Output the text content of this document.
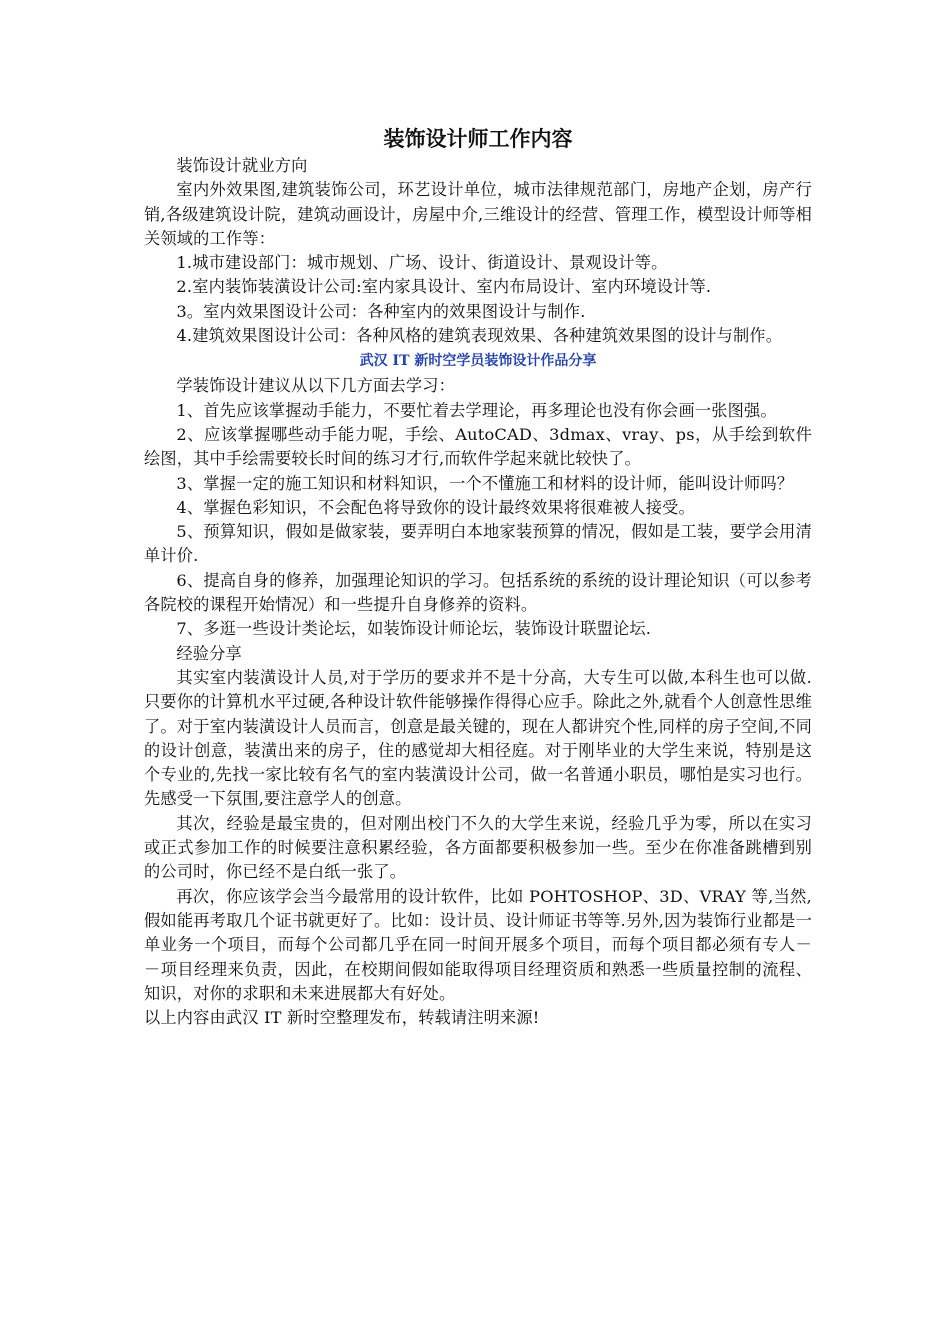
装饰设计师工作内容

装饰设计就业方向

室内外效果图,建筑装饰公司，环艺设计单位，城市法律规范部门，房地产企划，房产行销,各级建筑设计院，建筑动画设计，房屋中介,三维设计的经营、管理工作，模型设计师等相关领域的工作等：

1.城市建设部门：城市规划、广场、设计、街道设计、景观设计等。

2.室内装饰装潢设计公司:室内家具设计、室内布局设计、室内环境设计等.

3。室内效果图设计公司：各种室内的效果图设计与制作.

4.建筑效果图设计公司：各种风格的建筑表现效果、各种建筑效果图的设计与制作。

武汉 IT 新时空学员装饰设计作品分享

学装饰设计建议从以下几方面去学习：

1、首先应该掌握动手能力，不要忙着去学理论，再多理论也没有你会画一张图强。

2、应该掌握哪些动手能力呢，手绘、AutoCAD、3dmax、vray、ps，从手绘到软件绘图，其中手绘需要较长时间的练习才行,而软件学起来就比较快了。

3、掌握一定的施工知识和材料知识，一个不懂施工和材料的设计师，能叫设计师吗？

4、掌握色彩知识，不会配色将导致你的设计最终效果将很难被人接受。

5、预算知识，假如是做家装，要弄明白本地家装预算的情况，假如是工装，要学会用清单计价.

6、提高自身的修养，加强理论知识的学习。包括系统的系统的设计理论知识（可以参考各院校的课程开始情况）和一些提升自身修养的资料。

7、多逛一些设计类论坛，如装饰设计师论坛，装饰设计联盟论坛.

经验分享

其实室内装潢设计人员,对于学历的要求并不是十分高，大专生可以做,本科生也可以做.只要你的计算机水平过硬,各种设计软件能够操作得得心应手。除此之外,就看个人创意性思维了。对于室内装潢设计人员而言，创意是最关键的，现在人都讲究个性,同样的房子空间,不同的设计创意，装潢出来的房子，住的感觉却大相径庭。对于刚毕业的大学生来说，特别是这个专业的,先找一家比较有名气的室内装潢设计公司，做一名普通小职员，哪怕是实习也行。先感受一下氛围,要注意学人的创意。

其次，经验是最宝贵的，但对刚出校门不久的大学生来说，经验几乎为零，所以在实习或正式参加工作的时候要注意积累经验，各方面都要积极参加一些。至少在你准备跳槽到别的公司时，你已经不是白纸一张了。

再次，你应该学会当今最常用的设计软件，比如 POHTOSHOP、3D、VRAY 等,当然,假如能再考取几个证书就更好了。比如：设计员、设计师证书等等.另外,因为装饰行业都是一单业务一个项目，而每个公司都几乎在同一时间开展多个项目，而每个项目都必须有专人－－项目经理来负责，因此，在校期间假如能取得项目经理资质和熟悉一些质量控制的流程、知识，对你的求职和未来进展都大有好处。

以上内容由武汉 IT 新时空整理发布，转载请注明来源!
